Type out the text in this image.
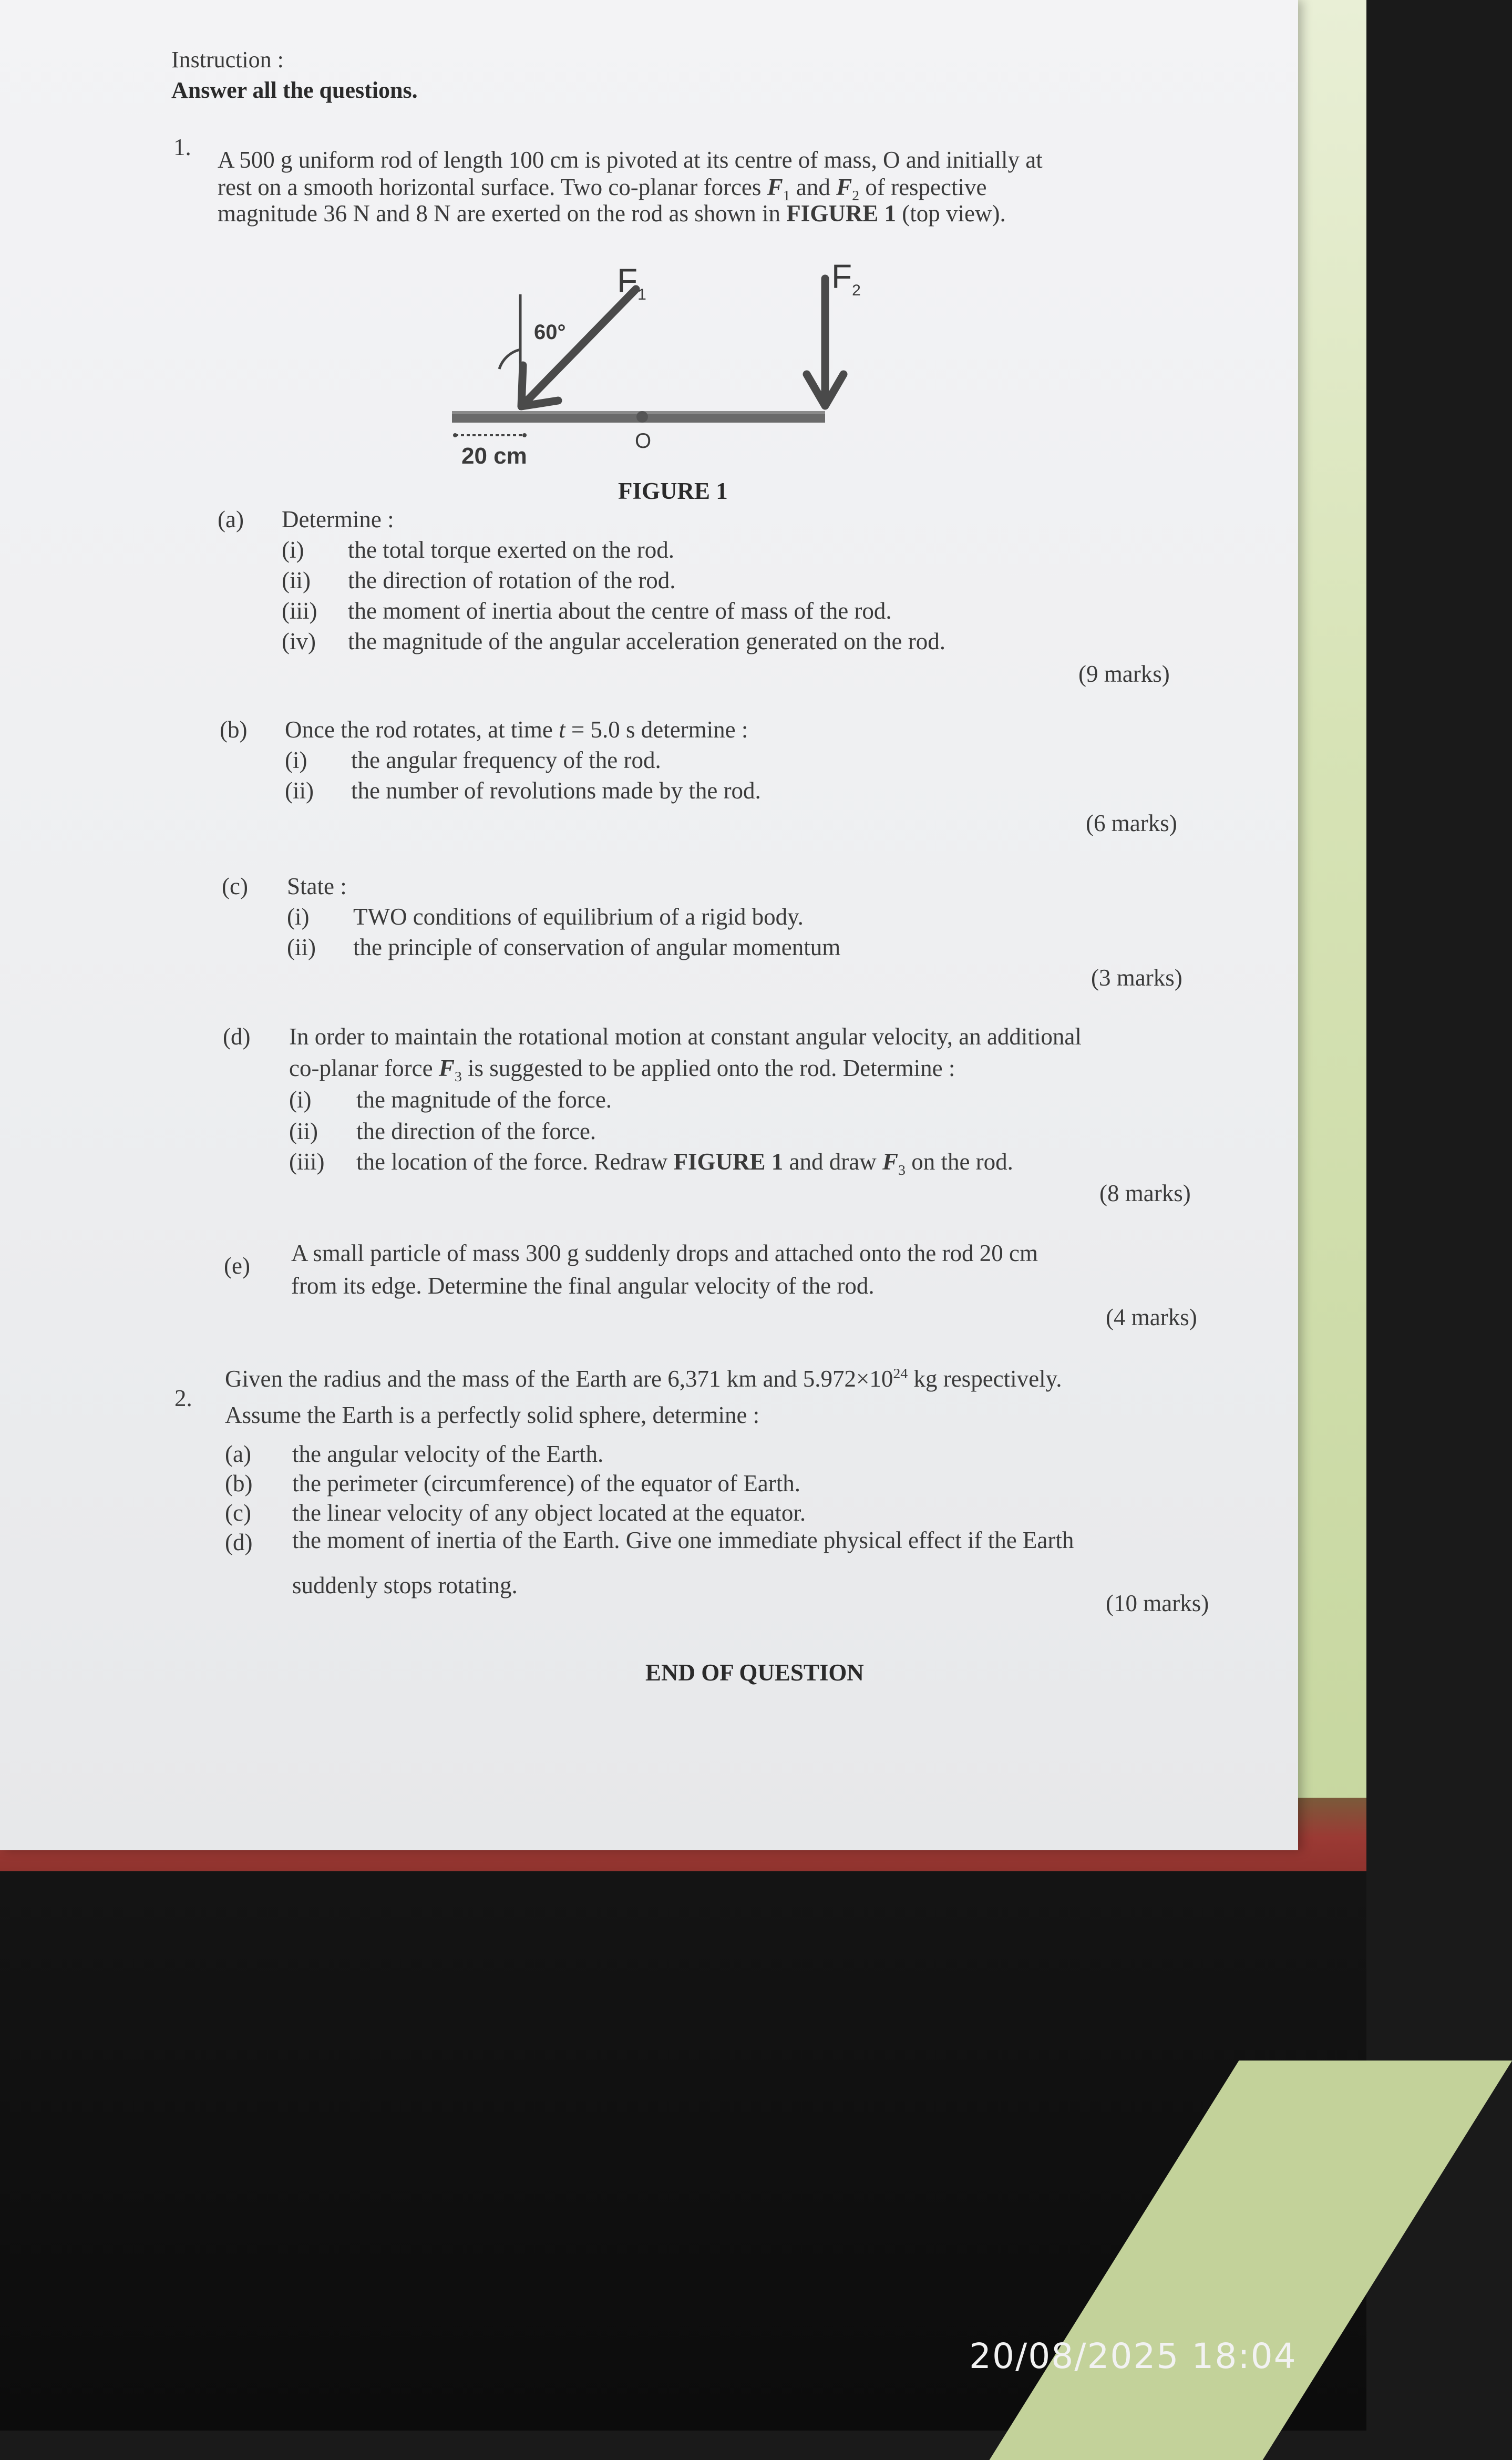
Instruction :
Answer all the questions.
1. A 500 g uniform rod of length 100 cm is pivoted at its centre of mass, O and initially at
rest on a smooth horizontal surface. Two co-planar forces $F_1$ and $F_2$ of respective
magnitude 36 N and 8 N are exerted on the rod as shown in FIGURE 1 (top view).
$F_1$	$F_2$
60°
O
20 cm
FIGURE 1
(a) Determine :
(i) the total torque exerted on the rod.
(ii) the direction of rotation of the rod.
(iii) the moment of inertia about the centre of mass of the rod.
(iv) the magnitude of the angular acceleration generated on the rod.
(9 marks)
(b) Once the rod rotates, at time t = 5.0 s determine :
(i) the angular frequency of the rod.
(ii) the number of revolutions made by the rod.
(6 marks)
(c) State :
(i) TWO conditions of equilibrium of a rigid body.
(ii) the principle of conservation of angular momentum
(3 marks)
(d) In order to maintain the rotational motion at constant angular velocity, an additional
co-planar force $F_3$ is suggested to be applied onto the rod. Determine :
(i) the magnitude of the force.
(ii) the direction of the force.
(iii) the location of the force. Redraw FIGURE 1 and draw $F_3$ on the rod.
(8 marks)
(e) A small particle of mass 300 g suddenly drops and attached onto the rod 20 cm
from its edge. Determine the final angular velocity of the rod.
(4 marks)
2.
Given the radius and the mass of the Earth are 6,371 km and $5.972\times 10^{24}$ kg respectively.
Assume the Earth is a perfectly solid sphere, determine :
(a) the angular velocity of the Earth.
(b) the perimeter (circumference) of the equator of Earth.
(c) the linear velocity of any object located at the equator.
(d) the moment of inertia of the Earth. Give one immediate physical effect if the Earth
suddenly stops rotating.
(10 marks)
END OF QUESTION
20/08/2025 18:04
